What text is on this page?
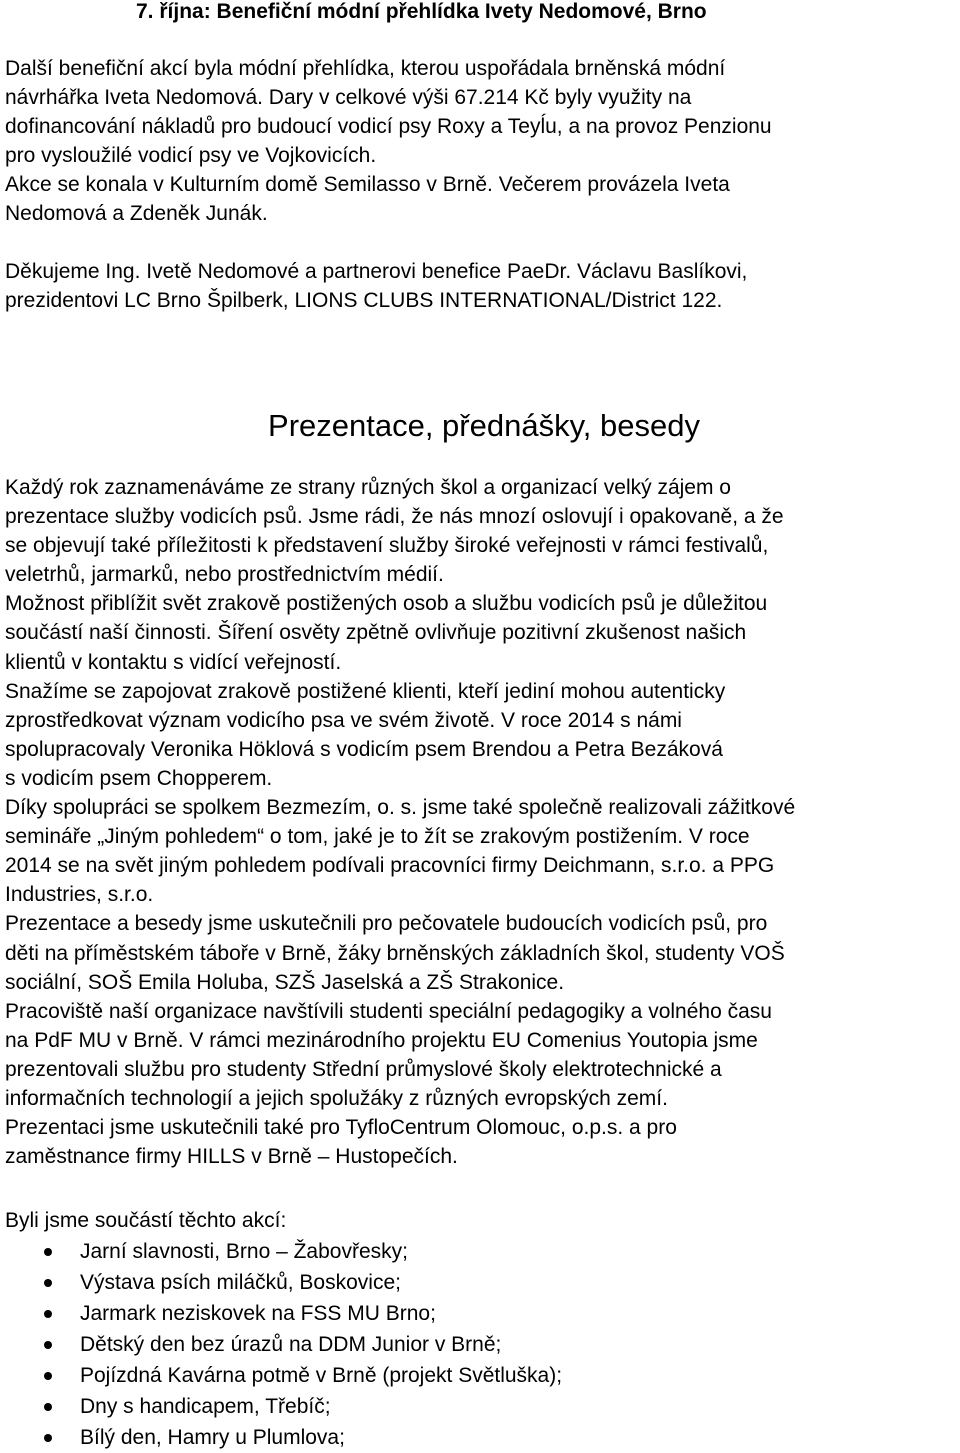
7. října: Benefiční módní přehlídka Ivety Nedomové, Brno

Další benefiční akcí byla módní přehlídka, kterou uspořádala brněnská módní
návrhářka Iveta Nedomová. Dary v celkové výši 67.214 Kč byly využity na
dofinancování nákladů pro budoucí vodicí psy Roxy a Teyĺu, a na provoz Penzionu
pro vysloužilé vodicí psy ve Vojkovicích.

Akce se konala v Kulturním domě Semilasso v Brně. Večerem provázela Iveta
Nedomová a Zdeněk Junák.

Děkujeme Ing. Ivetě Nedomové a partnerovi benefice PaeDr. Václavu Baslíkovi,
prezidentovi LC Brno Špilberk, LIONS CLUBS INTERNATIONAL/District 122.

Prezentace, přednášky, besedy

Každý rok zaznamenáváme ze strany různých škol a organizací velký zájem o
prezentace služby vodicích psů. Jsme rádi, že nás mnozí oslovují i opakovaně, a že
se objevují také příležitosti k představení služby široké veřejnosti v rámci festivalů,
veletrhů, jarmarků, nebo prostřednictvím médií.

Možnost přiblížit svět zrakově postižených osob a službu vodicích psů je důležitou
součástí naší činnosti. Šíření osvěty zpětně ovlivňuje pozitivní zkušenost našich
klientů v kontaktu s vidící veřejností.

Snažíme se zapojovat zrakově postižené klienti, kteří jediní mohou autenticky
zprostředkovat význam vodicího psa ve svém životě. V roce 2014 s námi
spolupracovaly Veronika Höklová s vodicím psem Brendou a Petra Bezáková
s vodicím psem Chopperem.

Díky spolupráci se spolkem Bezmezím, o. s. jsme také společně realizovali zážitkové
semináře „Jiným pohledem“ o tom, jaké je to žít se zrakovým postižením. V roce
2014 se na svět jiným pohledem podívali pracovníci firmy Deichmann, s.r.o. a PPG
Industries, s.r.o.

Prezentace a besedy jsme uskutečnili pro pečovatele budoucích vodicích psů, pro
děti na příměstském táboře v Brně, žáky brněnských základních škol, studenty VOŠ
sociální, SOŠ Emila Holuba, SZŠ Jaselská a ZŠ Strakonice.

Pracoviště naší organizace navštívili studenti speciální pedagogiky a volného času
na PdF MU v Brně. V rámci mezinárodního projektu EU Comenius Youtopia jsme
prezentovali službu pro studenty Střední průmyslové školy elektrotechnické a
informačních technologií a jejich spolužáky z různých evropských zemí.

Prezentaci jsme uskutečnili také pro TyfloCentrum Olomouc, o.p.s. a pro
zaměstnance firmy HILLS v Brně – Hustopečích.

Byli jsme součástí těchto akcí:

Jarní slavnosti, Brno – Žabovřesky;
Výstava psích miláčků, Boskovice;
Jarmark neziskovek na FSS MU Brno;
Dětský den bez úrazů na DDM Junior v Brně;
Pojízdná Kavárna potmě v Brně (projekt Světluška);
Dny s handicapem, Třebíč;
Bílý den, Hamry u Plumlova;
